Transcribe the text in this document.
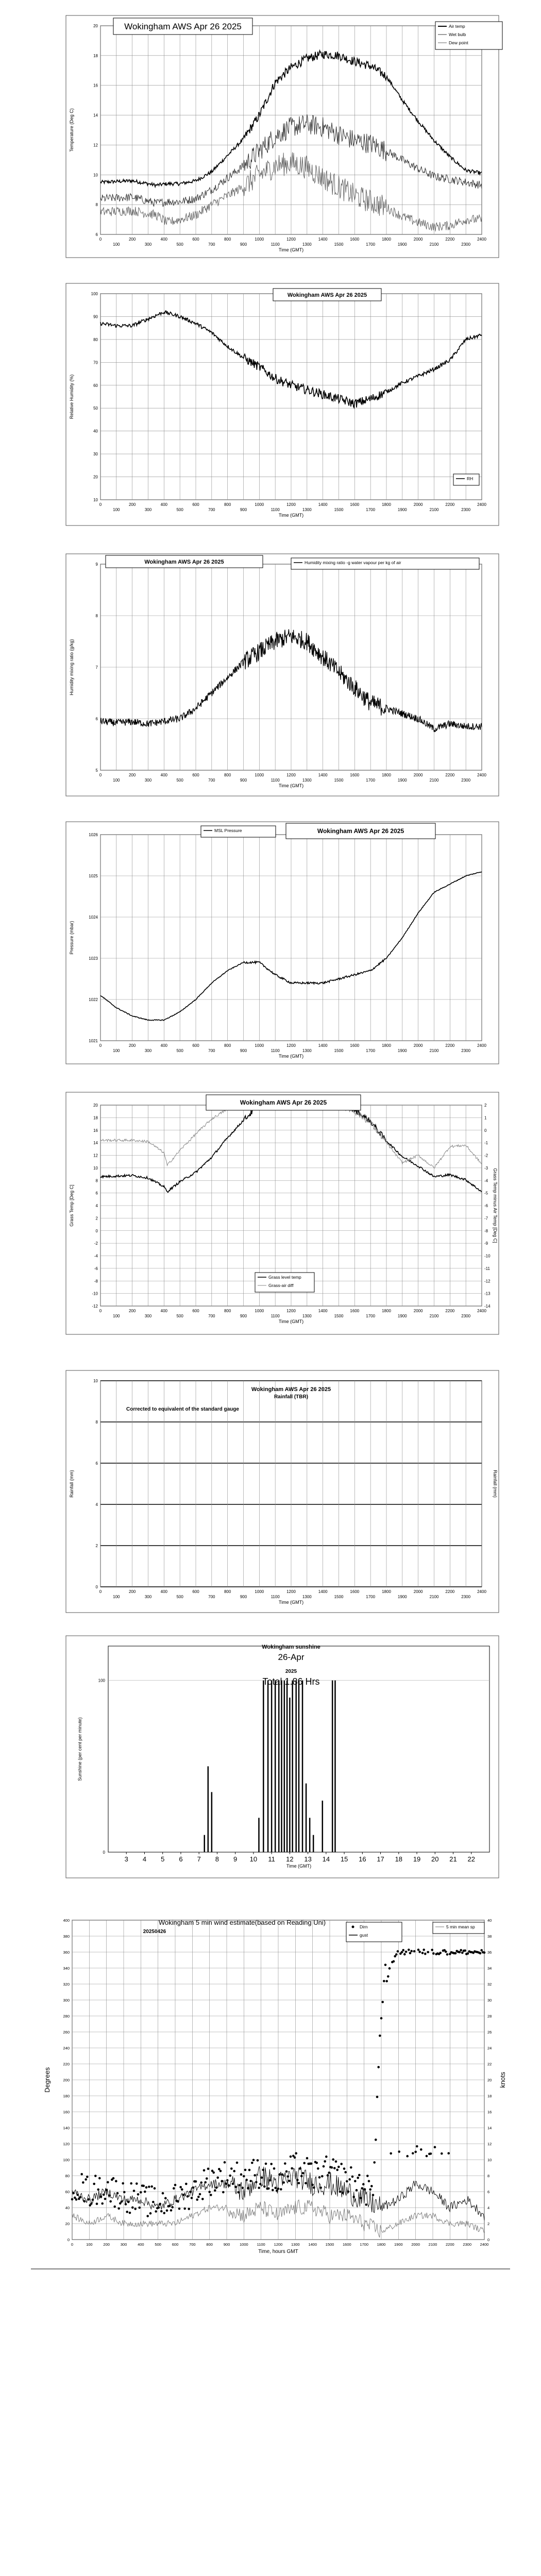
6
8
10
12
14
16
18
20
0
100
200
300
400
500
600
700
800
900
1000
1100
1200
1300
1400
1500
1600
1700
1800
1900
2000
2100
2200
2300
2400
Time (GMT)
Temperature (Deg C)
Wokingham AWS Apr 26 2025	Air temp
Wet bulb
Dew point
10
20
30
40
50
60
70
80
90
100
0
100
200
300
400
500
600
700
800
900
1000
1100
1200
1300
1400
1500
1600
1700
1800
1900
2000
2100
2200
2300
2400
Time (GMT)
Relative Humidity (%)
Wokingham AWS Apr 26 2025
RH
5
6
7
8
9
0
100
200
300
400
500
600
700
800
900
1000
1100
1200
1300
1400
1500
1600
1700
1800
1900
2000
2100
2200
2300
2400
Time (GMT)
Humidity mixing ratio (g/kg)
Wokingham AWS Apr 26 2025	Humidity mixing ratio -g water vapour per kg of air
1021
1022
1023
1024
1025
1026
0
100
200
300
400
500
600
700
800
900
1000
1100
1200
1300
1400
1500
1600
1700
1800
1900
2000
2100
2200
2300
2400
Time (GMT)
Pressure (mbar)
MSL Pressure	Wokingham AWS Apr 26 2025
-12
-10
-8
-6
-4
-2
0
2
4
6
8
10
12
14
16
18
20
-14
-13
-12
-11
-10
-9
-8
-7
-6
-5
-4
-3
-2
-1
0
1
2
0
100
200
300
400
500
600
700
800
900
1000
1100
1200
1300
1400
1500
1600
1700
1800
1900
2000
2100
2200
2300
2400
Time (GMT)
Grass Temp [Deg C]	Grass Temp minus Air Temp [Deg C]
Wokingham AWS Apr 26 2025
Grass level temp
Grass-air diff
0
2
4
6
8
10
0
100
200
300
400
500
600
700
800
900
1000
1100
1200
1300
1400
1500
1600
1700
1800
1900
2000
2100
2200
2300
2400
Time (GMT)
Rainfall (mm)	Rainfall (mm)
Wokingham AWS Apr 26 2025
Rainfall (TBR)
Corrected to equivalent of the standard gauge
0
100
3 4 5 6 7 8 9 10 11 12 13 14 15 16 17 18 19 20 21 22
Time (GMT)
Sunshine (per cent per minute)
Wokingham sunshine
26-Apr
2025
Total 1.86 Hrs
0
20
40
60
80
100
120
140
160
180
200
220
240
260
280
300
320
340
360
380
400
0
2
4
6
8
10
12
14
16
18
20
22
24
26
28
30
32
34
36
38
40
0	100	200	300	400	500	600	700	800	900 1000 1100 1200 1300 1400 1500 1600 1700 1800 1900 2000 2100 2200 2300 2400
Time, hours GMT
Degrees	knots
Wokingham 5 min wind estimate(based on Reading Uni)
20250426
Dirn
gust
5 min mean sp
